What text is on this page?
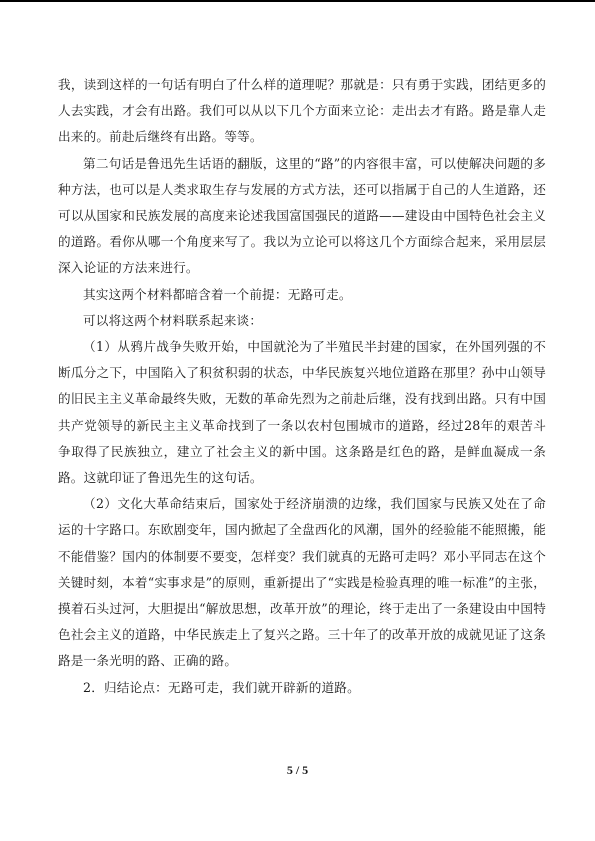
我，读到这样的一句话有明白了什么样的道理呢？那就是：只有勇于实践，团结更多的人去实践，才会有出路。我们可以从以下几个方面来立论：走出去才有路。路是靠人走出来的。前赴后继终有出路。等等。

第二句话是鲁迅先生话语的翻版，这里的“路”的内容很丰富，可以使解决问题的多种方法，也可以是人类求取生存与发展的方式方法，还可以指属于自己的人生道路，还可以从国家和民族发展的高度来论述我国富国强民的道路——建设由中国特色社会主义的道路。看你从哪一个角度来写了。我以为立论可以将这几个方面综合起来，采用层层深入论证的方法来进行。

其实这两个材料都暗含着一个前提：无路可走。

可以将这两个材料联系起来谈：

（1）从鸦片战争失败开始，中国就沦为了半殖民半封建的国家，在外国列强的不断瓜分之下，中国陷入了积贫积弱的状态，中华民族复兴地位道路在那里？孙中山领导的旧民主主义革命最终失败，无数的革命先烈为之前赴后继，没有找到出路。只有中国共产党领导的新民主主义革命找到了一条以农村包围城市的道路，经过28年的艰苦斗争取得了民族独立，建立了社会主义的新中国。这条路是红色的路，是鲜血凝成一条路。这就印证了鲁迅先生的这句话。

（2）文化大革命结束后，国家处于经济崩溃的边缘，我们国家与民族又处在了命运的十字路口。东欧剧变年，国内掀起了全盘西化的风潮，国外的经验能不能照搬，能不能借鉴？国内的体制要不要变，怎样变？我们就真的无路可走吗？邓小平同志在这个关键时刻，本着“实事求是”的原则，重新提出了“实践是检验真理的唯一标准”的主张，摸着石头过河，大胆提出“解放思想，改革开放”的理论，终于走出了一条建设由中国特色社会主义的道路，中华民族走上了复兴之路。三十年了的改革开放的成就见证了这条路是一条光明的路、正确的路。

2．归结论点：无路可走，我们就开辟新的道路。

5 / 5
